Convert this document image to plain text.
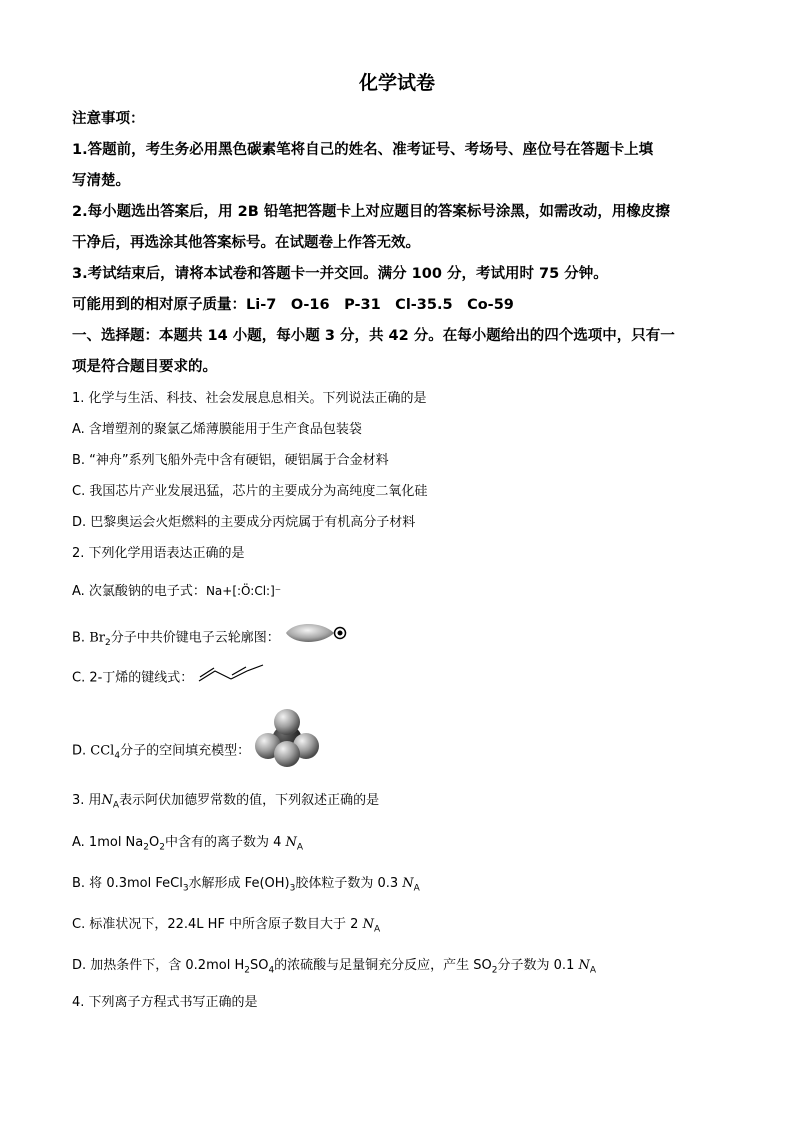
化学试卷
注意事项：
1.答题前，考生务必用黑色碳素笔将自己的姓名、准考证号、考场号、座位号在答题卡上填
写清楚。
2.每小题选出答案后，用 2B 铅笔把答题卡上对应题目的答案标号涂黑，如需改动，用橡皮擦
干净后，再选涂其他答案标号。在试题卷上作答无效。
3.考试结束后，请将本试卷和答题卡一并交回。满分 100 分，考试用时 75 分钟。
可能用到的相对原子质量：Li-7　O-16　P-31　Cl-35.5　Co-59
一、选择题：本题共 14 小题，每小题 3 分，共 42 分。在每小题给出的四个选项中，只有一
项是符合题目要求的。
1. 化学与生活、科技、社会发展息息相关。下列说法正确的是
A. 含增塑剂的聚氯乙烯薄膜能用于生产食品包装袋
B. “神舟”系列飞船外壳中含有硬铝，硬铝属于合金材料
C. 我国芯片产业发展迅猛，芯片的主要成分为高纯度二氧化硅
D. 巴黎奥运会火炬燃料的主要成分丙烷属于有机高分子材料
2. 下列化学用语表达正确的是
A. 次氯酸钠的电子式：Na+[:Ö:Cl:]⁻
B. $Br_2$分子中共价键电子云轮廓图：
C. 2-丁烯的键线式：
D. CCl$_4$分子的空间填充模型：
3. 用$N_A$表示阿伏加德罗常数的值，下列叙述正确的是
A. 1mol $Na_2O_2$中含有的离子数为 4 $N_A$
B. 将 0.3mol FeCl$_3$水解形成 $Fe(OH)_3$胶体粒子数为 0.3 $N_A$
C. 标准状况下，22.4L HF 中所含原子数目大于 2 $N_A$
D. 加热条件下，含 0.2mol $H_2SO_4$的浓硫酸与足量铜充分反应，产生 $SO_2$分子数为 0.1 $N_A$
4. 下列离子方程式书写正确的是
